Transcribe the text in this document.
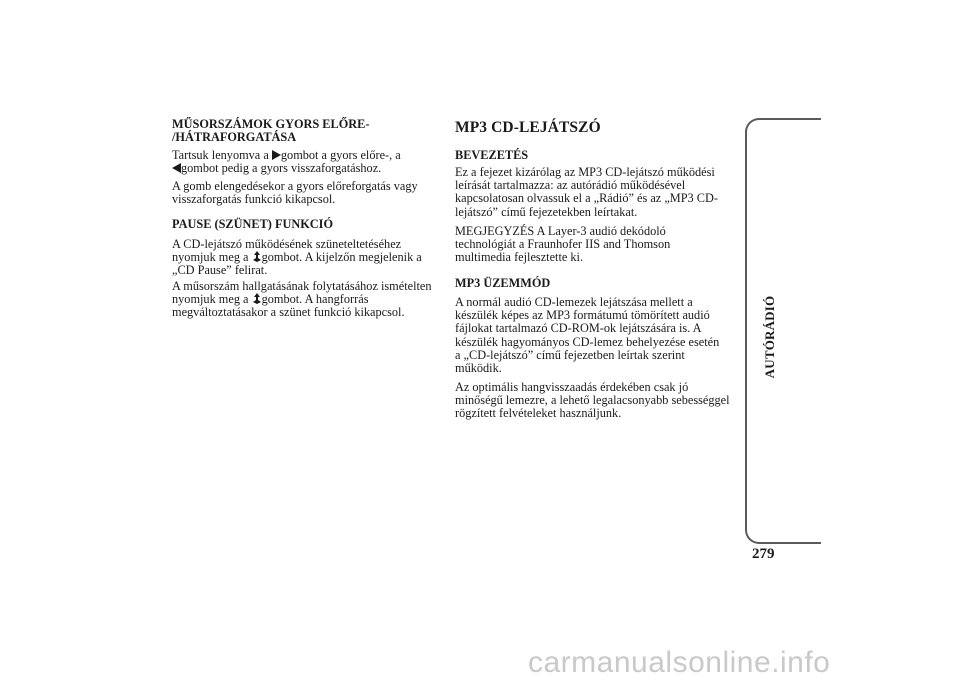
MŰSORSZÁMOK GYORS ELŐRE-
/HÁTRAFORGATÁSA
Tartsuk lenyomva a gombot a gyors előre-, a
gombot pedig a gyors visszaforgatáshoz.
A gomb elengedésekor a gyors előreforgatás vagy
visszaforgatás funkció kikapcsol.
PAUSE (SZÜNET) FUNKCIÓ
A CD-lejátszó működésének szüneteltetéséhez
nyomjuk meg a gombot. A kijelzőn megjelenik a
„CD Pause” felirat.
A műsorszám hallgatásának folytatásához ismételten
nyomjuk meg a gombot. A hangforrás
megváltoztatásakor a szünet funkció kikapcsol.
MP3 CD-LEJÁTSZÓ
BEVEZETÉS
Ez a fejezet kizárólag az MP3 CD-lejátszó működési
leírását tartalmazza: az autórádió működésével
kapcsolatosan olvassuk el a „Rádió” és az „MP3 CD-
lejátszó” című fejezetekben leírtakat.
MEGJEGYZÉS A Layer-3 audió dekódoló
technológiát a Fraunhofer IIS and Thomson
multimedia fejlesztette ki.
MP3 ÜZEMMÓD
A normál audió CD-lemezek lejátszása mellett a
készülék képes az MP3 formátumú tömörített audió
fájlokat tartalmazó CD-ROM-ok lejátszására is. A
készülék hagyományos CD-lemez behelyezése esetén
a „CD-lejátszó” című fejezetben leírtak szerint
működik.
Az optimális hangvisszaadás érdekében csak jó
minőségű lemezre, a lehető legalacsonyabb sebességgel
rögzített felvételeket használjunk.
AUTÓRÁDIÓ
279
carmanualsonline.info
